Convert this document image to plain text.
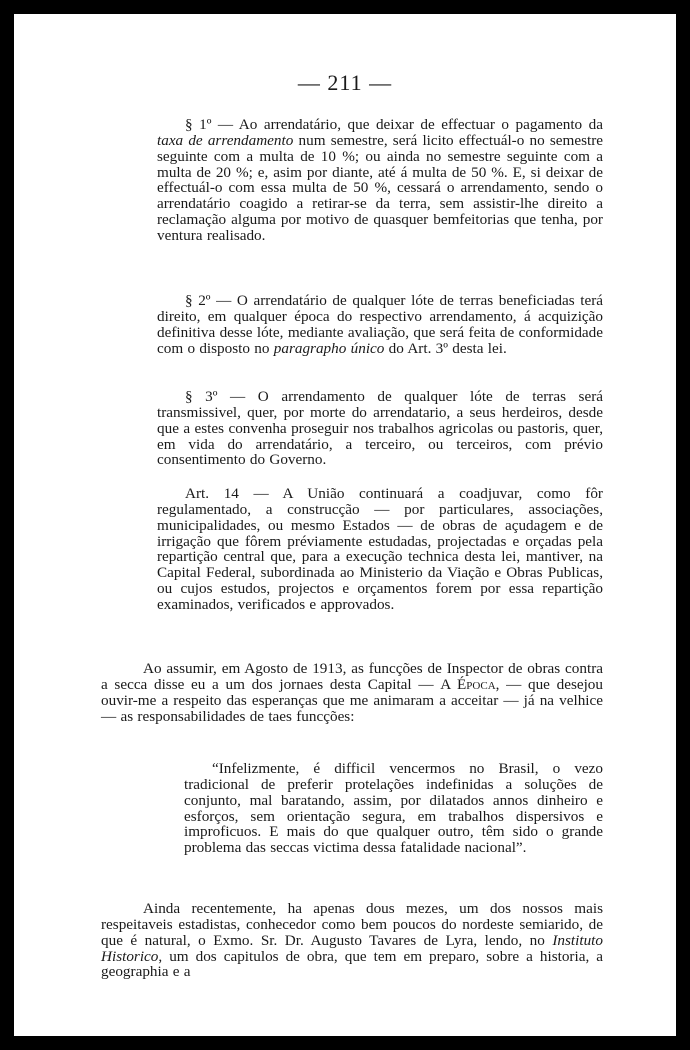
— 211 —

§ 1º — Ao arrendatário, que deixar de effectuar o pagamento da taxa de arrendamento num semestre, será licito effectuál-o no semestre seguinte com a multa de 10 %; ou ainda no semestre seguinte com a multa de 20 %; e, asim por diante, até á multa de 50 %. E, si deixar de effectuál-o com essa multa de 50 %, cessará o arrendamento, sendo o arrendatário coagido a retirar-se da terra, sem assistir-lhe direito a reclamação alguma por motivo de quasquer bemfeitorias que tenha, por ventura realisado.

§ 2º — O arrendatário de qualquer lóte de terras beneficiadas terá direito, em qualquer época do respectivo arrendamento, á acquizição definitiva desse lóte, mediante avaliação, que será feita de conformidade com o disposto no paragrapho único do Art. 3º desta lei.

§ 3º — O arrendamento de qualquer lóte de terras será transmissivel, quer, por morte do arrendatario, a seus herdeiros, desde que a estes convenha proseguir nos trabalhos agricolas ou pastoris, quer, em vida do arrendatário, a terceiro, ou terceiros, com prévio consentimento do Governo.

Art. 14 — A União continuará a coadjuvar, como fôr regulamentado, a construcção — por particulares, associações, municipalidades, ou mesmo Estados — de obras de açudagem e de irrigação que fôrem préviamente estudadas, projectadas e orçadas pela repartição central que, para a execução technica desta lei, mantiver, na Capital Federal, subordinada ao Ministerio da Viação e Obras Publicas, ou cujos estudos, projectos e orçamentos forem por essa repartição examinados, verificados e approvados.

Ao assumir, em Agosto de 1913, as funcções de Inspector de obras contra a secca disse eu a um dos jornaes desta Capital — A Época, — que desejou ouvir-me a respeito das esperanças que me animaram a acceitar — já na velhice — as responsabilidades de taes funcções:

“Infelizmente, é difficil vencermos no Brasil, o vezo tradicional de preferir protelações indefinidas a soluções de conjunto, mal baratando, assim, por dilatados annos dinheiro e esforços, sem orientação segura, em trabalhos dispersivos e improficuos. E mais do que qualquer outro, têm sido o grande problema das seccas victima dessa fatalidade nacional”.

Ainda recentemente, ha apenas dous mezes, um dos nossos mais respeitaveis estadistas, conhecedor como bem poucos do nordeste semiarido, de que é natural, o Exmo. Sr. Dr. Augusto Tavares de Lyra, lendo, no Instituto Historico, um dos capitulos de obra, que tem em preparo, sobre a historia, a geographia e a
